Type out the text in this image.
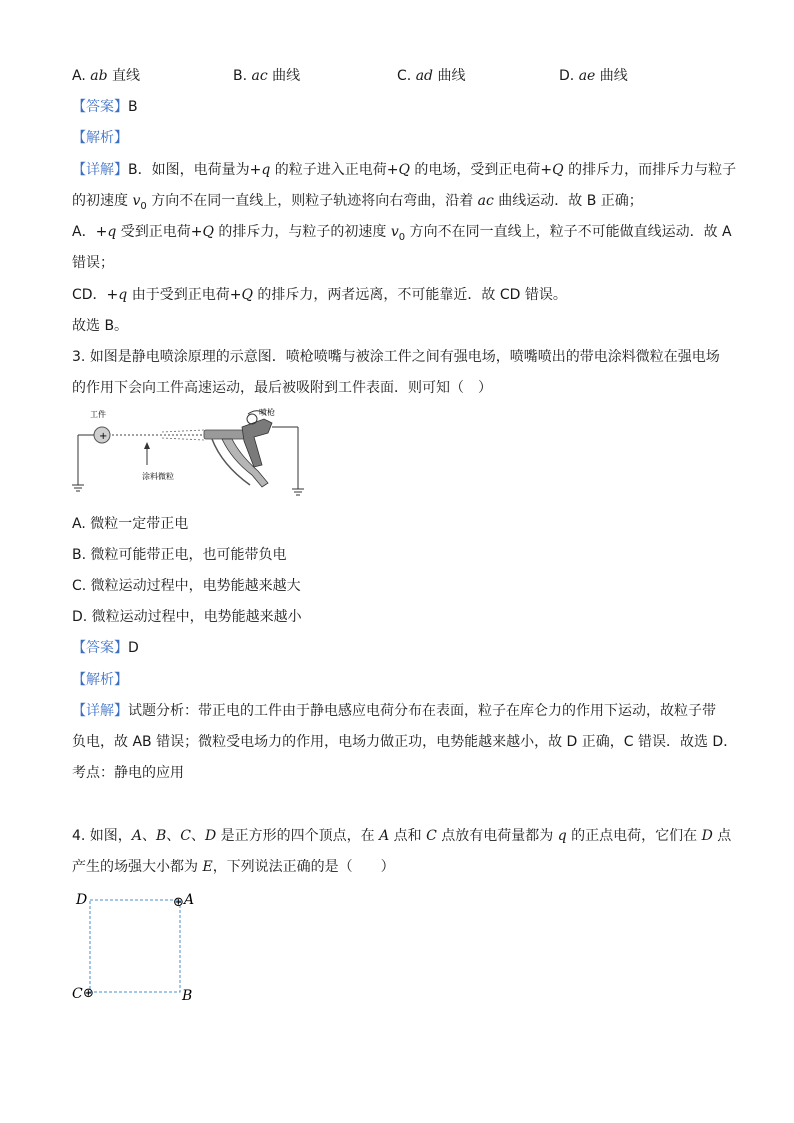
A. ab 直线	B. ac 曲线	C. ad 曲线	D. ae 曲线
【答案】B
【解析】
【详解】B．如图，电荷量为+q 的粒子进入正电荷+Q 的电场，受到正电荷+Q 的排斥力，而排斥力与粒子
的初速度 $v_0$ 方向不在同一直线上，则粒子轨迹将向右弯曲，沿着 ac 曲线运动．故 B 正确；
A．+q 受到正电荷+Q 的排斥力，与粒子的初速度 $v_0$ 方向不在同一直线上，粒子不可能做直线运动．故 A
错误；
CD．+q 由于受到正电荷+Q 的排斥力，两者远离，不可能靠近．故 CD 错误。
故选 B。
3. 如图是静电喷涂原理的示意图．喷枪喷嘴与被涂工件之间有强电场，喷嘴喷出的带电涂料微粒在强电场
的作用下会向工件高速运动，最后被吸附到工件表面．则可知（　）
工件
+
涂料微粒
喷枪
A. 微粒一定带正电
B. 微粒可能带正电，也可能带负电
C. 微粒运动过程中，电势能越来越大
D. 微粒运动过程中，电势能越来越小
【答案】D
【解析】
【详解】试题分析：带正电的工件由于静电感应电荷分布在表面，粒子在库仑力的作用下运动，故粒子带
负电，故 AB 错误；微粒受电场力的作用，电场力做正功，电势能越来越小，故 D 正确，C 错误．故选 D．
考点：静电的应用
4. 如图，A、B、C、D 是正方形的四个顶点，在 A 点和 C 点放有电荷量都为 q 的正点电荷，它们在 D 点
产生的场强大小都为 E，下列说法正确的是（　　）
D	A
C	B
⊕
⊕
